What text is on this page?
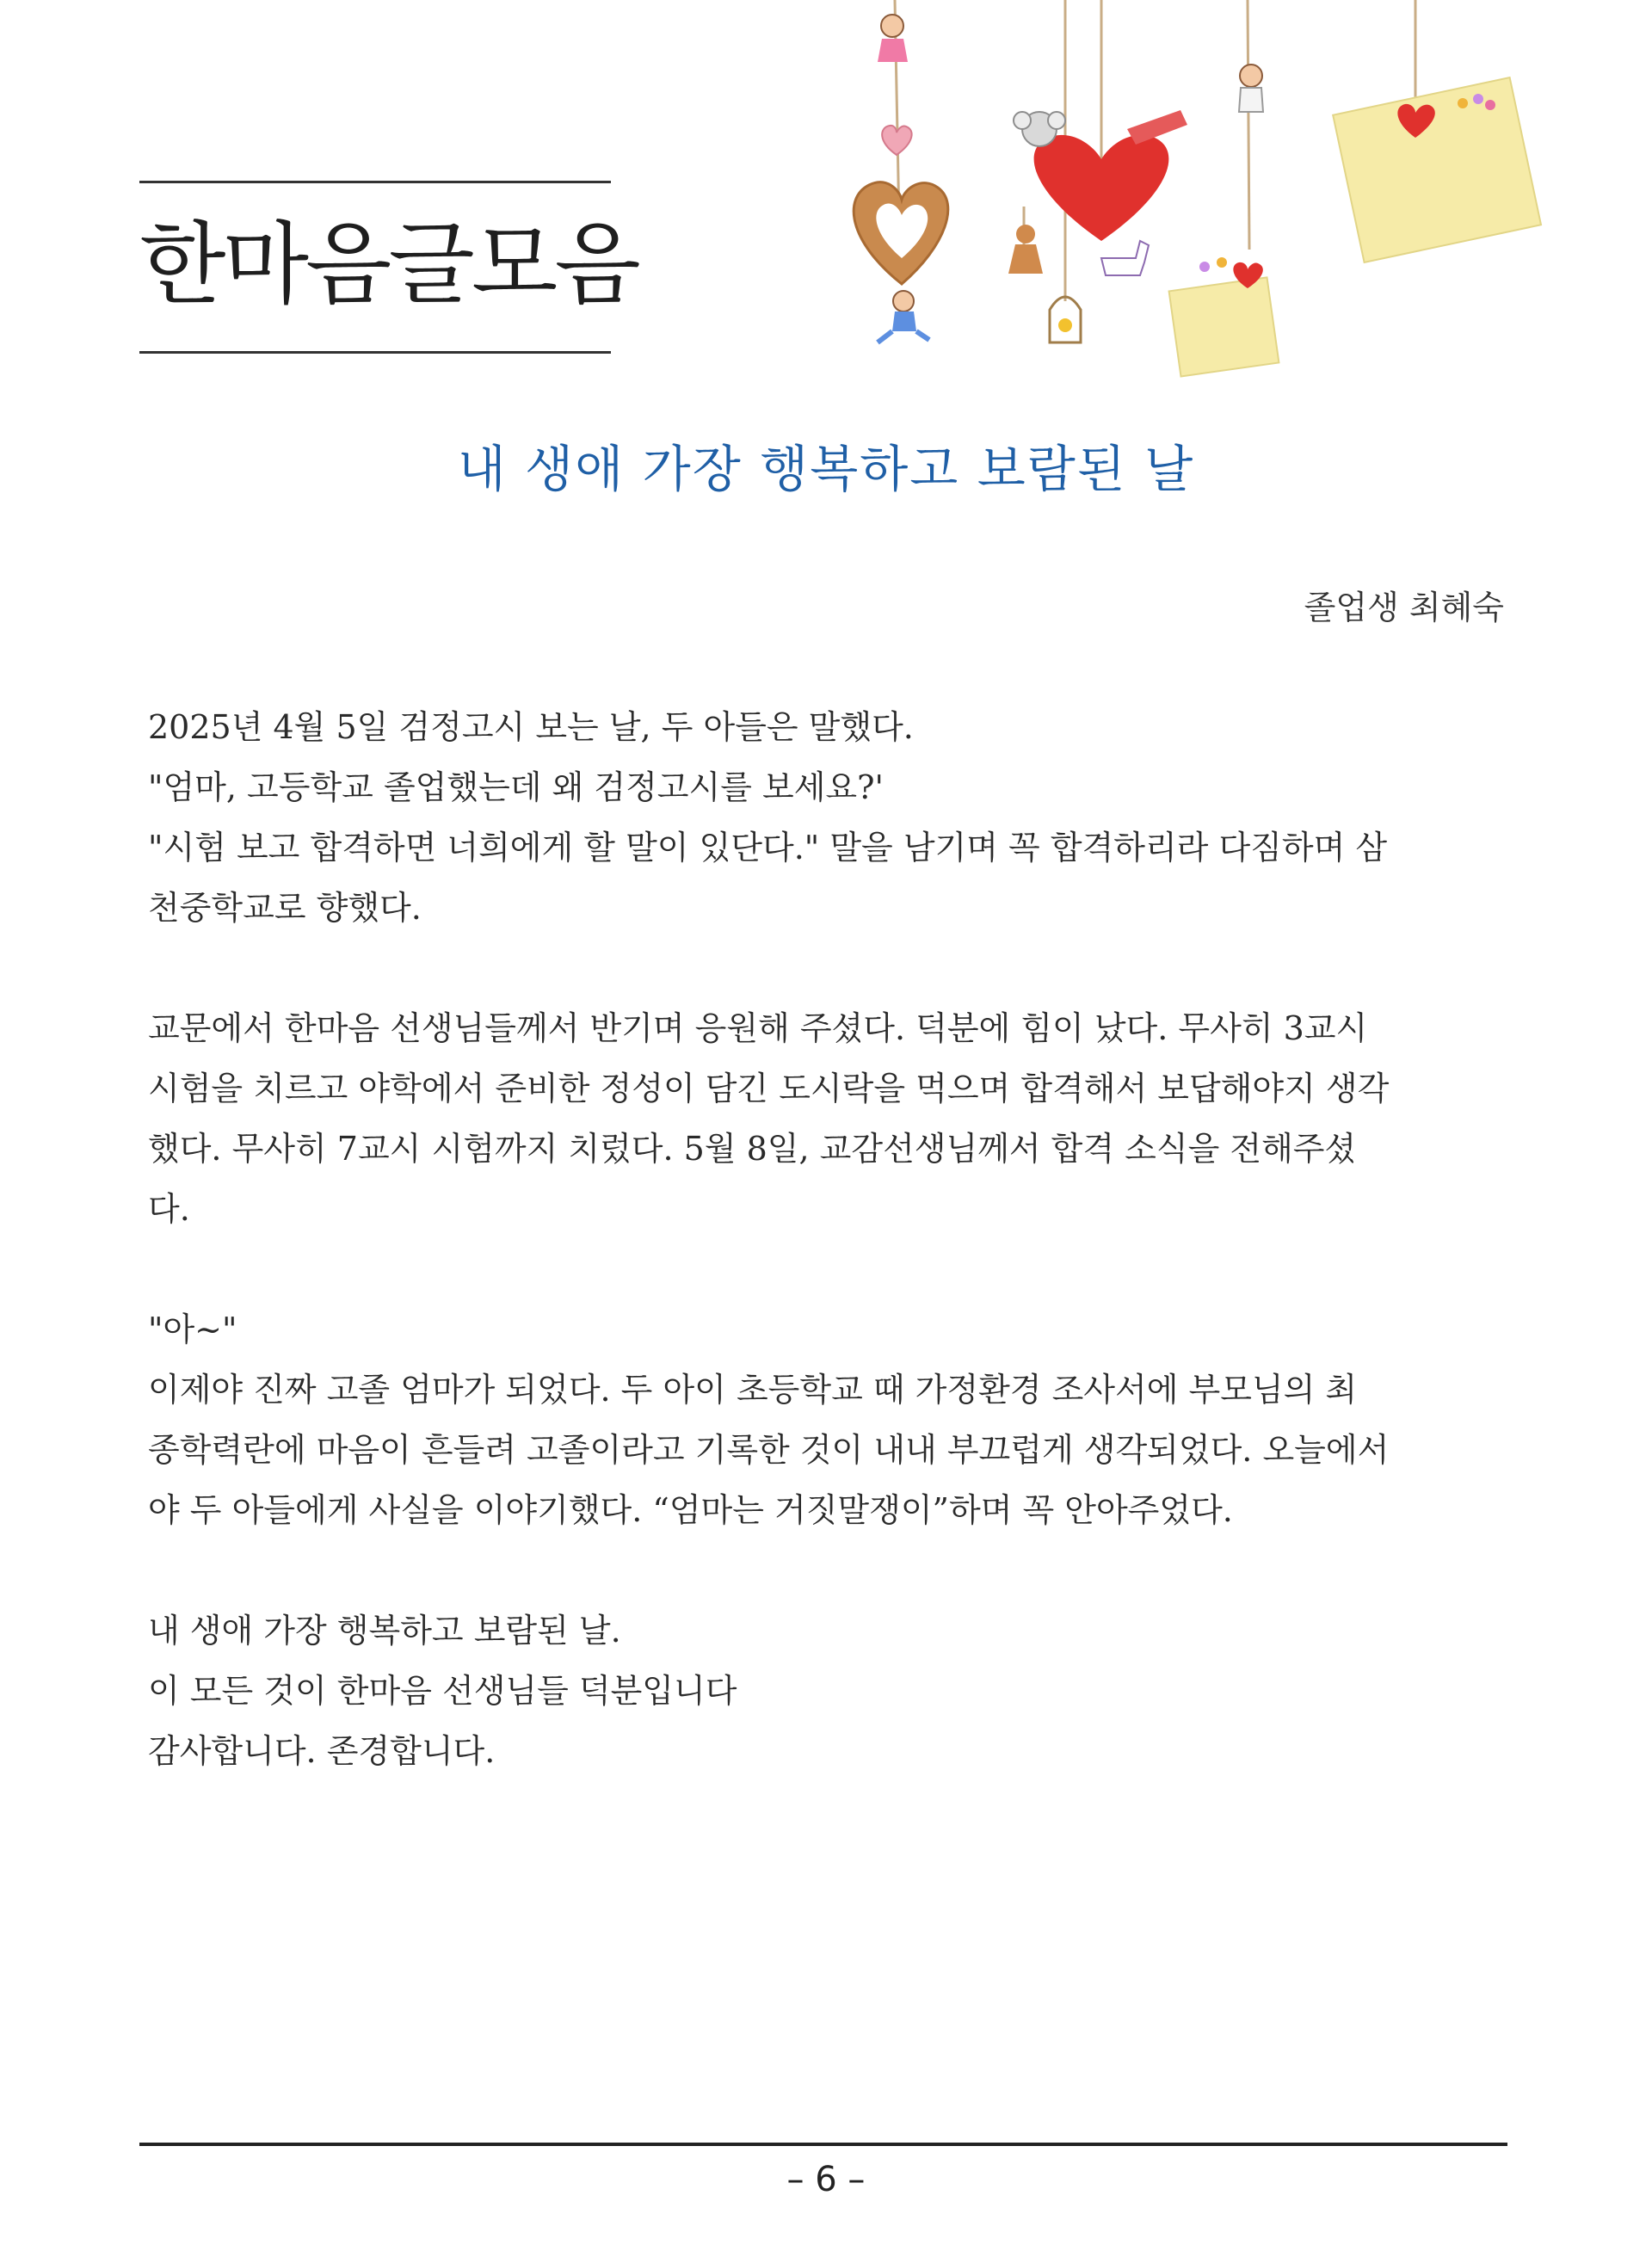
한마음글모음
내 생애 가장 행복하고 보람된 날
졸업생 최혜숙
2025년 4월 5일 검정고시 보는 날, 두 아들은 말했다.
"엄마, 고등학교 졸업했는데 왜 검정고시를 보세요?'
"시험 보고 합격하면 너희에게 할 말이 있단다." 말을 남기며 꼭 합격하리라 다짐하며 삼
천중학교로 향했다.
교문에서 한마음 선생님들께서 반기며 응원해 주셨다. 덕분에 힘이 났다. 무사히 3교시
시험을 치르고 야학에서 준비한 정성이 담긴 도시락을 먹으며 합격해서 보답해야지 생각
했다. 무사히 7교시 시험까지 치렀다. 5월 8일, 교감선생님께서 합격 소식을 전해주셨
다.
"아~"
이제야 진짜 고졸 엄마가 되었다. 두 아이 초등학교 때 가정환경 조사서에 부모님의 최
종학력란에 마음이 흔들려 고졸이라고 기록한 것이 내내 부끄럽게 생각되었다. 오늘에서
야 두 아들에게 사실을 이야기했다. “엄마는 거짓말쟁이”하며 꼭 안아주었다.
내 생애 가장 행복하고 보람된 날.
이 모든 것이 한마음 선생님들 덕분입니다
감사합니다. 존경합니다.
– 6 –
